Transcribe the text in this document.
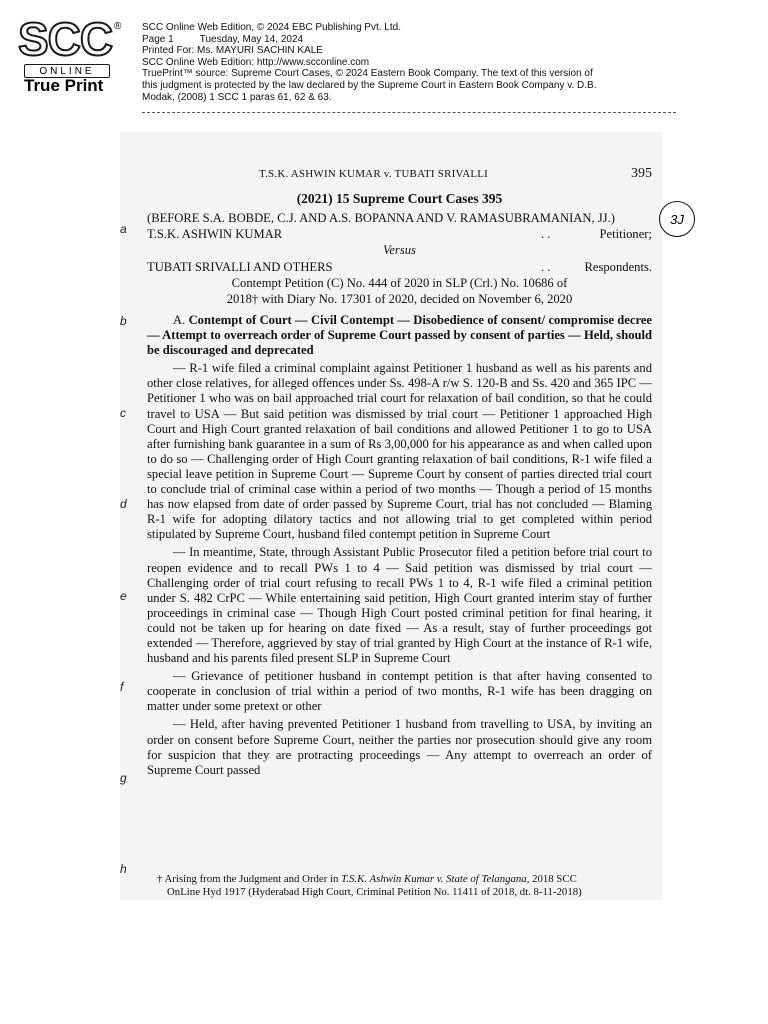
SCC ®
ONLINE
True Print
SCC Online Web Edition, © 2024 EBC Publishing Pvt. Ltd.
Page 1	Tuesday, May 14, 2024
Printed For: Ms. MAYURI SACHIN KALE
SCC Online Web Edition: http://www.scconline.com
TruePrint™ source: Supreme Court Cases, © 2024 Eastern Book Company. The text of this version of
this judgment is protected by the law declared by the Supreme Court in Eastern Book Company v. D.B.
Modak, (2008) 1 SCC 1 paras 61, 62 & 63.
a
b
c
d
e
f
g
h
3J
T.S.K. ASHWIN KUMAR v. TUBATI SRIVALLI	395
(2021) 15 Supreme Court Cases 395
(BEFORE S.A. BOBDE, C.J. AND A.S. BOPANNA AND V. RAMASUBRAMANIAN, JJ.)
T.S.K. ASHWIN KUMAR	. .	Petitioner;
Versus
TUBATI SRIVALLI AND OTHERS	. .	Respondents.
Contempt Petition (C) No. 444 of 2020 in SLP (Crl.) No. 10686 of
2018† with Diary No. 17301 of 2020, decided on November 6, 2020

A. Contempt of Court — Civil Contempt — Disobedience of consent/ compromise decree — Attempt to overreach order of Supreme Court passed by consent of parties — Held, should be discouraged and deprecated

— R-1 wife filed a criminal complaint against Petitioner 1 husband as well as his parents and other close relatives, for alleged offences under Ss. 498-A r/w S. 120-B and Ss. 420 and 365 IPC — Petitioner 1 who was on bail approached trial court for relaxation of bail condition, so that he could travel to USA — But said petition was dismissed by trial court — Petitioner 1 approached High Court and High Court granted relaxation of bail conditions and allowed Petitioner 1 to go to USA after furnishing bank guarantee in a sum of Rs 3,00,000 for his appearance as and when called upon to do so — Challenging order of High Court granting relaxation of bail conditions, R-1 wife filed a special leave petition in Supreme Court — Supreme Court by consent of parties directed trial court to conclude trial of criminal case within a period of two months — Though a period of 15 months has now elapsed from date of order passed by Supreme Court, trial has not concluded — Blaming R-1 wife for adopting dilatory tactics and not allowing trial to get completed within period stipulated by Supreme Court, husband filed contempt petition in Supreme Court

— In meantime, State, through Assistant Public Prosecutor filed a petition before trial court to reopen evidence and to recall PWs 1 to 4 — Said petition was dismissed by trial court — Challenging order of trial court refusing to recall PWs 1 to 4, R-1 wife filed a criminal petition under S. 482 CrPC — While entertaining said petition, High Court granted interim stay of further proceedings in criminal case — Though High Court posted criminal petition for final hearing, it could not be taken up for hearing on date fixed — As a result, stay of further proceedings got extended — Therefore, aggrieved by stay of trial granted by High Court at the instance of R-1 wife, husband and his parents filed present SLP in Supreme Court

— Grievance of petitioner husband in contempt petition is that after having consented to cooperate in conclusion of trial within a period of two months, R-1 wife has been dragging on matter under some pretext or other

— Held, after having prevented Petitioner 1 husband from travelling to USA, by inviting an order on consent before Supreme Court, neither the parties nor prosecution should give any room for suspicion that they are protracting proceedings — Any attempt to overreach an order of Supreme Court passed

† Arising from the Judgment and Order in T.S.K. Ashwin Kumar v. State of Telangana, 2018 SCC
OnLine Hyd 1917 (Hyderabad High Court, Criminal Petition No. 11411 of 2018, dt. 8-11-2018)
